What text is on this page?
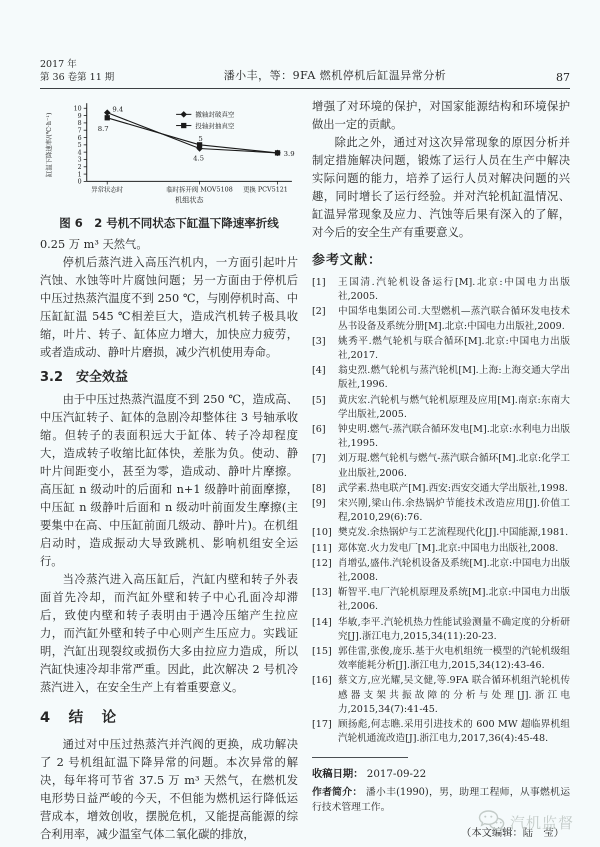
2017 年
第 36 卷第 11 期	潘小丰，等：9FA 燃机停机后缸温异常分析	87
0
1
2
3
4
5
6
7
8
9
10
异常状态时	临时拆开阀 MOV5108 更换 PCV5121
机组状态
缸温下降速率/(℃·h⁻¹)
9.4
4.5
3.9
撤轴封破真空
8.7
5
投轴封抽真空
图 6　2 号机不同状态下缸温下降速率折线

0.25 万 m³ 天然气。

停机后蒸汽进入高压汽机内，一方面引起叶片汽蚀、水蚀等叶片腐蚀问题；另一方面由于停机后中压过热蒸汽温度不到 250 ℃，与刚停机时高、中压缸缸温 545 ℃相差巨大，造成汽机转子极具收缩，叶片、转子、缸体应力增大，加快应力疲劳，或者造成动、静叶片磨损，减少汽机使用寿命。

3.2　安全效益

由于中压过热蒸汽温度不到 250 ℃，造成高、中压汽缸转子、缸体的急剧冷却整体往 3 号轴承收缩。但转子的表面积远大于缸体、转子冷却程度大，造成转子收缩比缸体快，差胀为负。使动、静叶片间距变小，甚至为零，造成动、静叶片摩擦。高压缸 n 级动叶的后面和 n+1 级静叶前面摩擦，中压缸 n 级静叶后面和 n 级动叶前面发生摩擦(主要集中在高、中压缸前面几级动、静叶片)。在机组启动时，造成振动大导致跳机、影响机组安全运行。

当冷蒸汽进入高压缸后，汽缸内壁和转子外表面首先冷却，而汽缸外壁和转子中心孔面冷却滞后，致使内壁和转子表明由于遇冷压缩产生拉应力，而汽缸外壁和转子中心则产生压应力。实践证明，汽缸出现裂纹或损伤大多由拉应力造成，所以汽缸快速冷却非常严重。因此，此次解决 2 号机冷蒸汽进入，在安全生产上有着重要意义。

4　结　论

通过对中压过热蒸汽并汽阀的更换，成功解决了 2 号机组缸温下降异常的问题。本次异常的解决，每年将可节省 37.5 万 m³ 天然气，在燃机发电形势日益严峻的今天，不但能为燃机运行降低运营成本，增效创收，摆脱危机，又能提高能源的综合利用率，减少温室气体二氧化碳的排放，

增强了对环境的保护，对国家能源结构和环境保护做出一定的贡献。

除此之外，通过对这次异常现象的原因分析并制定措施解决问题，锻炼了运行人员在生产中解决实际问题的能力，培养了运行人员对解决问题的兴趣，同时增长了运行经验。并对汽轮机缸温情况、缸温异常现象及应力、汽蚀等后果有深入的了解，对今后的安全生产有重要意义。

参考文献：
[1] 王国清.汽轮机设备运行[M].北京:中国电力出版社,2005.
[2] 中国华电集团公司.大型燃机—蒸汽联合循环发电技术丛书设备及系统分册[M].北京:中国电力出版社,2009.
[3] 姚秀平.燃气轮机与联合循环[M].北京:中国电力出版社,2017.
[4] 翁史烈.燃气轮机与蒸汽轮机[M].上海:上海交通大学出版社,1996.
[5] 黄庆宏.汽轮机与燃气轮机原理及应用[M].南京:东南大学出版社,2005.
[6] 钟史明.燃气-蒸汽联合循环发电[M].北京:水利电力出版社,1995.
[7] 刘万琨.燃气轮机与燃气-蒸汽联合循环[M].北京:化学工业出版社,2006.
[8] 武学素.热电联产[M].西安:西安交通大学出版社,1998.
[9] 宋兴刚,梁山伟.余热锅炉节能技术改造应用[J].价值工程,2010,29(6):76.
[10] 樊克发.余热锅炉与工艺流程现代化[J].中国能源,1981.
[11] 郑体宽.火力发电厂[M].北京:中国电力出版社,2008.
[12] 肖增弘,盛伟.汽轮机设备及系统[M].北京:中国电力出版社,2008.
[13] 靳智平.电厂汽轮机原理及系统[M].北京:中国电力出版社,2006.
[14] 华敏,李平.汽轮机热力性能试验测量不确定度的分析研究[J].浙江电力,2015,34(11):20-23.
[15] 郭佳雷,张俊,庞乐.基于火电机组统一模型的汽轮机级组效率能耗分析[J].浙江电力,2015,34(12):43-46.
[16] 蔡文方,应光耀,吴文健,等.9FA 联合循环机组汽轮机传感器支架共振故障的分析与处理[J].浙江电力,2015,34(7):41-45.
[17] 顾扬彪,何志瞧.采用引进技术的 600 MW 超临界机组汽轮机通流改造[J].浙江电力,2017,36(4):45-48.
收稿日期： 2017-09-22
作者简介： 潘小丰(1990)，男，助理工程师，从事燃机运行技术管理工作。
（本文编辑：陆　莹）
汽机监督
